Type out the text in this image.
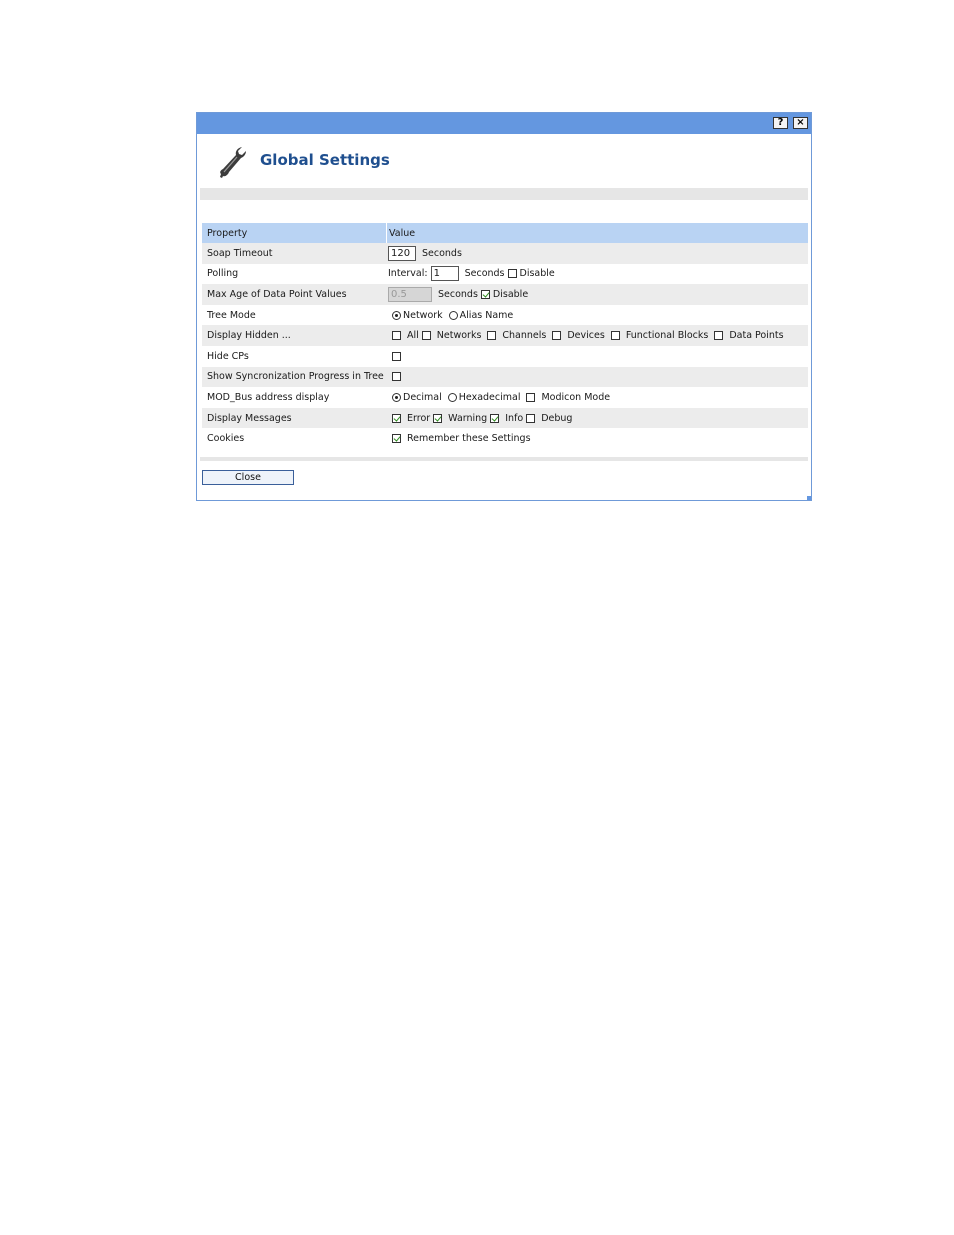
?	×
Global Settings
Property	Value
Soap Timeout	120	Seconds
Polling	Interval: 1	Seconds Disable
Max Age of Data Point Values	0.5	Seconds Disable
Tree Mode	Network Alias Name
Display Hidden ...	All Networks Channels Devices Functional Blocks Data Points
Hide CPs
Show Syncronization Progress in Tree
MOD_Bus address display	Decimal Hexadecimal Modicon Mode
Display Messages	Error Warning Info Debug
Cookies	Remember these Settings
Close
